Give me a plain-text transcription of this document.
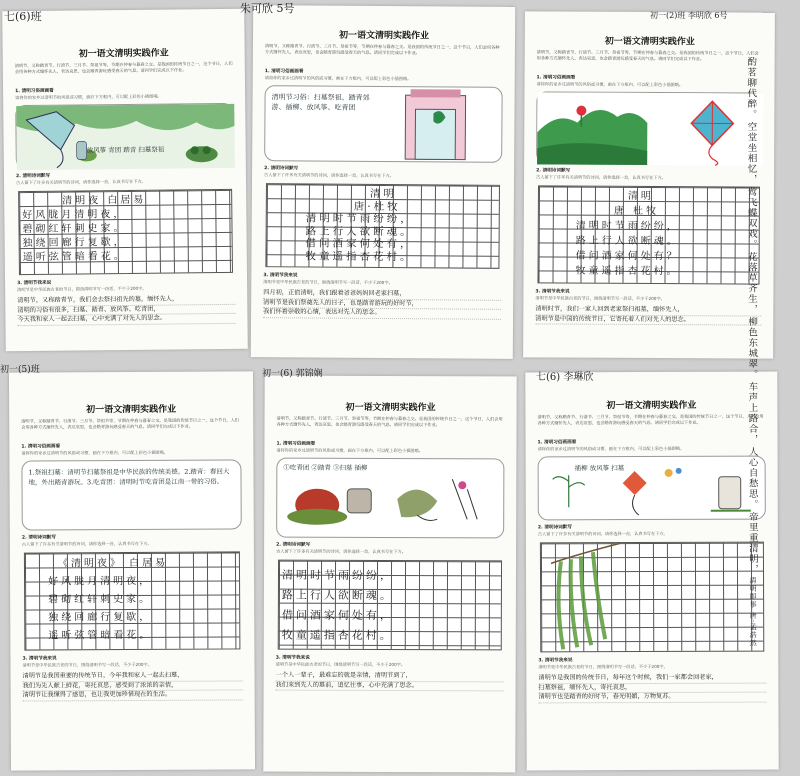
初一语文清明实践作业
清明节，又称踏青节、行清节、三月节、祭祖节等，节期在仲春与暮春之交。是我国的传统节日之一，这个节日，人们会用各种方式缅怀先人，表达哀思，也会踏青游玩感受春天的气息。请同学们完成以下作业。
1. 清明习俗画画看
请将你的家乡过清明节的风俗或习惯，画在下方框内，可以配上彩色小插图哦。
放风筝 青团 踏青 扫墓祭祖
2. 清明诗词默写
古人留下了许多有关清明节的诗词，请你选择一首，认真书写在下方。
清明夜 白居易
好风胧月清明夜，
碧砌红轩刺史家。
独绕回廊行复歇，
遥听弦管暗看花。
3. 清明节我来说
清明节是中华民族古老的节日，围绕清明节写一段话，不少于200字。
清明节，又称踏青节，我们会去祭扫祖先的墓，缅怀先人，
清明的习俗有很多，扫墓、踏青、放风筝、吃青团，
今天我和家人一起去扫墓，心中充满了对先人的思念。
七(6)班
初一语文清明实践作业
清明节，又称踏青节、行清节、三月节、祭祖节等，节期在仲春与暮春之交。是我国的传统节日之一，这个节日，人们会用各种方式缅怀先人，表达哀思，也会踏青游玩感受春天的气息。请同学们完成以下作业。
1. 清明习俗画画看
请将你的家乡过清明节的风俗或习惯，画在下方框内，可以配上彩色小插图哦。
清明节习俗：扫墓祭祖、踏青郊游、插柳、放风筝、吃青团
2. 清明诗词默写
古人留下了许多有关清明节的诗词，请你选择一首，认真书写在下方。
清明
唐·杜牧
清明时节雨纷纷，
路上行人欲断魂。
借问酒家何处有，
牧童遥指杏花村。
3. 清明节我来说
清明节是中华民族古老的节日，围绕清明节写一段话，不少于200字。
四月初，正值清明，我们跟着爸爸妈妈回老家扫墓，
清明节是我们祭奠先人的日子，也是踏青游玩的好时节，
我们怀着崇敬的心情，表达对先人的思念。
朱可欣 5号
初一语文清明实践作业
清明节，又称踏青节、行清节、三月节、祭祖节等，节期在仲春与暮春之交。是我国的传统节日之一，这个节日，人们会用各种方式缅怀先人，表达哀思，也会踏青游玩感受春天的气息。请同学们完成以下作业。
1. 清明习俗画画看
请将你的家乡过清明节的风俗或习惯，画在下方框内，可以配上彩色小插图哦。
2. 清明诗词默写
古人留下了许多有关清明节的诗词，请你选择一首，认真书写在下方。
清明
唐 杜牧
清明时节雨纷纷，
路上行人欲断魂。
借问酒家何处有？
牧童遥指杏花村。
3. 清明节我来说
清明节是中华民族古老的节日，围绕清明节写一段话，不少于200字。
清明时节，我们一家人回到老家祭扫祖墓，缅怀先人，
清明节是中国的传统节日，它寄托着人们对先人的思念。
初一(2)班 李明欣 6号
初一语文清明实践作业
清明节，又称踏青节、行清节、三月节、祭祖节等，节期在仲春与暮春之交。是我国的传统节日之一，这个节日，人们会用各种方式缅怀先人，表达哀思，也会踏青游玩感受春天的气息。请同学们完成以下作业。
1. 清明习俗画画看
请将你的家乡过清明节的风俗或习惯，画在下方框内，可以配上彩色小插图哦。
1.祭祖扫墓：清明节扫墓祭祖是中华民族的传统美德。2.踏青：春回大地，外出踏青游玩。3.吃青团：清明时节吃青团是江南一带的习俗。
2. 清明诗词默写
古人留下了许多有关清明节的诗词，请你选择一首，认真书写在下方。
《清明夜》 白居易
好风胧月清明夜，
碧砌红轩刺史家。
独绕回廊行复歇，
遥听弦管暗看花。
3. 清明节我来说
清明节是中华民族古老的节日，围绕清明节写一段话，不少于200字。
清明节是我国重要的传统节日，今年我和家人一起去扫墓，
我们为先人献上鲜花，寄托哀思，感受到了浓浓的亲情，
清明节让我懂得了感恩，也让我更加珍惜现在的生活。
初一(5)班
初一语文清明实践作业
清明节，又称踏青节、行清节、三月节、祭祖节等，节期在仲春与暮春之交。是我国的传统节日之一，这个节日，人们会用各种方式缅怀先人，表达哀思，也会踏青游玩感受春天的气息。请同学们完成以下作业。
1. 清明习俗画画看
请将你的家乡过清明节的风俗或习惯，画在下方框内，可以配上彩色小插图哦。
①吃青团 ②踏青 ③扫墓 插柳
2. 清明诗词默写
古人留下了许多有关清明节的诗词，请你选择一首，认真书写在下方。
清明时节雨纷纷，
路上行人欲断魂。
借问酒家何处有，
牧童遥指杏花村。
3. 清明节我来说
清明节是中华民族古老的节日，围绕清明节写一段话，不少于200字。
一个人一辈子，最难忘的就是亲情，清明节到了，
我们来到先人的墓前，追忆往事，心中充满了思念。
初一(6) 郭锦娴
初一语文清明实践作业
清明节，又称踏青节、行清节、三月节、祭祖节等，节期在仲春与暮春之交。是我国的传统节日之一，这个节日，人们会用各种方式缅怀先人，表达哀思，也会踏青游玩感受春天的气息。请同学们完成以下作业。
1. 清明习俗画画看
请将你的家乡过清明节的风俗或习惯，画在下方框内，可以配上彩色小插图哦。
插柳 放风筝 扫墓
2. 清明诗词默写
古人留下了许多有关清明节的诗词，请你选择一首，认真书写在下方。
清明即事 唐·孟浩然
帝里重清明，
人心自愁思。
车声上路合，
柳色东城翠。
花落草齐生，
莺飞蝶双戏。
空堂坐相忆，
酌茗聊代醉。
3. 清明节我来说
清明节是中华民族古老的节日，围绕清明节写一段话，不少于200字。
清明节是我国的传统节日，每年这个时候，我们一家都会回老家，
扫墓祭祖，缅怀先人，寄托哀思，
清明节也是踏青的好时节，春光明媚，万物复苏。
七(6) 李琳欣
